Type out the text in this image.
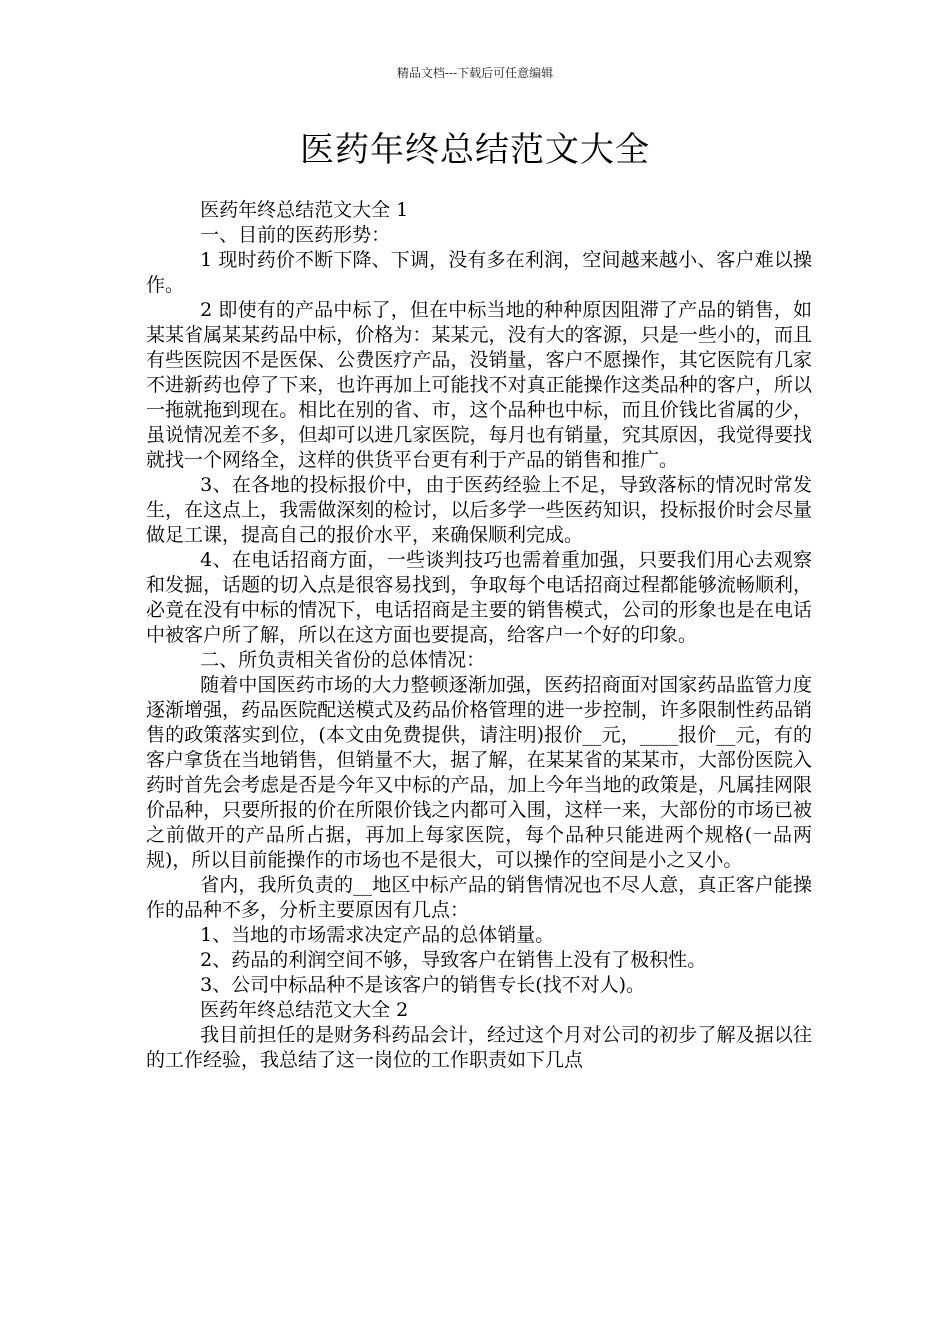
精品文档---下载后可任意编辑
医药年终总结范文大全

医药年终总结范文大全 1

一、目前的医药形势：

1 现时药价不断下降、下调，没有多在利润，空间越来越小、客户难以操作。

2 即使有的产品中标了，但在中标当地的种种原因阻滞了产品的销售，如某某省属某某药品中标，价格为：某某元，没有大的客源，只是一些小的，而且有些医院因不是医保、公费医疗产品，没销量，客户不愿操作，其它医院有几家不进新药也停了下来，也许再加上可能找不对真正能操作这类品种的客户，所以一拖就拖到现在。相比在别的省、市，这个品种也中标，而且价钱比省属的少，虽说情况差不多，但却可以进几家医院，每月也有销量，究其原因，我觉得要找就找一个网络全，这样的供货平台更有利于产品的销售和推广。

3、在各地的投标报价中，由于医药经验上不足，导致落标的情况时常发生，在这点上，我需做深刻的检讨，以后多学一些医药知识，投标报价时会尽量做足工课，提高自己的报价水平，来确保顺利完成。

4、在电话招商方面，一些谈判技巧也需着重加强，只要我们用心去观察和发掘，话题的切入点是很容易找到，争取每个电话招商过程都能够流畅顺利，必竟在没有中标的情况下，电话招商是主要的销售模式，公司的形象也是在电话中被客户所了解，所以在这方面也要提高，给客户一个好的印象。

二、所负责相关省份的总体情况：

随着中国医药市场的大力整顿逐渐加强，医药招商面对国家药品监管力度逐渐增强，药品医院配送模式及药品价格管理的进一步控制，许多限制性药品销售的政策落实到位，(本文由免费提供，请注明)报价__元，____报价__元，有的客户拿货在当地销售，但销量不大，据了解，在某某省的某某市，大部份医院入药时首先会考虑是否是今年又中标的产品，加上今年当地的政策是，凡属挂网限价品种，只要所报的价在所限价钱之内都可入围，这样一来，大部份的市场已被之前做开的产品所占据，再加上每家医院，每个品种只能进两个规格(一品两规)，所以目前能操作的市场也不是很大，可以操作的空间是小之又小。

省内，我所负责的__地区中标产品的销售情况也不尽人意，真正客户能操作的品种不多，分析主要原因有几点：

1、当地的市场需求决定产品的总体销量。

2、药品的利润空间不够，导致客户在销售上没有了极积性。

3、公司中标品种不是该客户的销售专长(找不对人)。

医药年终总结范文大全 2

我目前担任的是财务科药品会计，经过这个月对公司的初步了解及据以往的工作经验，我总结了这一岗位的工作职责如下几点
